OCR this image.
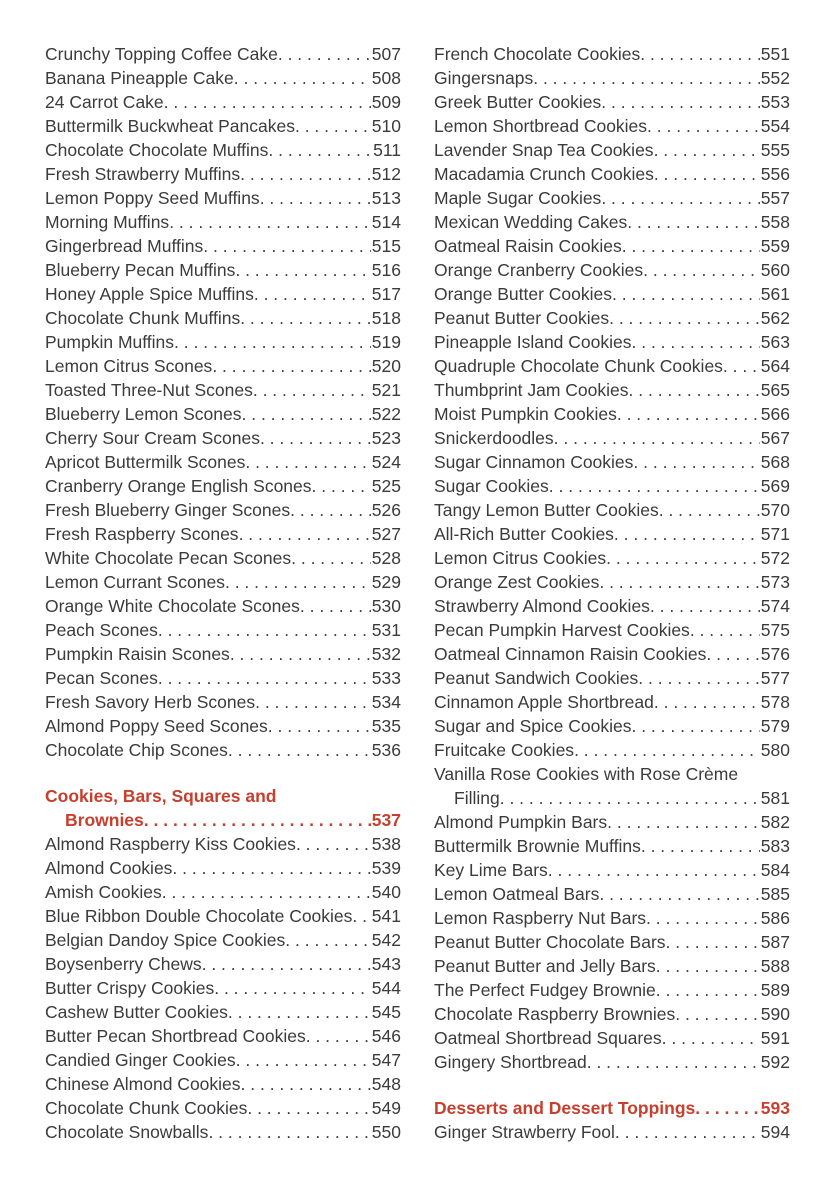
Crunchy Topping Coffee Cake . . .	507
Banana Pineapple Cake . . .	508
24 Carrot Cake . . .	509
Buttermilk Buckwheat Pancakes . . .	510
Chocolate Chocolate Muffins . . .	511
Fresh Strawberry Muffins . . .	512
Lemon Poppy Seed Muffins . . .	513
Morning Muffins . . .	514
Gingerbread Muffins . . .	515
Blueberry Pecan Muffins . . .	516
Honey Apple Spice Muffins . . .	517
Chocolate Chunk Muffins . . .	518
Pumpkin Muffins . . .	519
Lemon Citrus Scones . . .	520
Toasted Three-Nut Scones . . .	521
Blueberry Lemon Scones . . .	522
Cherry Sour Cream Scones . . .	523
Apricot Buttermilk Scones . . .	524
Cranberry Orange English Scones . . .	525
Fresh Blueberry Ginger Scones . . .	526
Fresh Raspberry Scones . . .	527
White Chocolate Pecan Scones . . .	528
Lemon Currant Scones . . .	529
Orange White Chocolate Scones . . .	530
Peach Scones . . .	531
Pumpkin Raisin Scones . . .	532
Pecan Scones . . .	533
Fresh Savory Herb Scones . . .	534
Almond Poppy Seed Scones . . .	535
Chocolate Chip Scones . . .	536
Cookies, Bars, Squares and
Brownies . . .	537
Almond Raspberry Kiss Cookies . . .	538
Almond Cookies . . .	539
Amish Cookies . . .	540
Blue Ribbon Double Chocolate Cookies . . . 541
Belgian Dandoy Spice Cookies . . .	542
Boysenberry Chews . . .	543
Butter Crispy Cookies . . .	544
Cashew Butter Cookies . . .	545
Butter Pecan Shortbread Cookies . . .	546
Candied Ginger Cookies . . .	547
Chinese Almond Cookies . . .	548
Chocolate Chunk Cookies . . .	549
Chocolate Snowballs . . .	550
French Chocolate Cookies . . .	551
Gingersnaps . . .	552
Greek Butter Cookies . . .	553
Lemon Shortbread Cookies . . .	554
Lavender Snap Tea Cookies . . .	555
Macadamia Crunch Cookies . . .	556
Maple Sugar Cookies . . .	557
Mexican Wedding Cakes . . .	558
Oatmeal Raisin Cookies . . .	559
Orange Cranberry Cookies . . .	560
Orange Butter Cookies . . .	561
Peanut Butter Cookies . . .	562
Pineapple Island Cookies . . .	563
Quadruple Chocolate Chunk Cookies . . . 564
Thumbprint Jam Cookies . . .	565
Moist Pumpkin Cookies . . .	566
Snickerdoodles . . .	567
Sugar Cinnamon Cookies . . .	568
Sugar Cookies . . .	569
Tangy Lemon Butter Cookies . . .	570
All-Rich Butter Cookies . . .	571
Lemon Citrus Cookies . . .	572
Orange Zest Cookies . . .	573
Strawberry Almond Cookies . . .	574
Pecan Pumpkin Harvest Cookies . . .	575
Oatmeal Cinnamon Raisin Cookies . . .	576
Peanut Sandwich Cookies . . .	577
Cinnamon Apple Shortbread . . .	578
Sugar and Spice Cookies . . .	579
Fruitcake Cookies . . .	580
Vanilla Rose Cookies with Rose Crème
Filling . . .	581
Almond Pumpkin Bars . . .	582
Buttermilk Brownie Muffins . . .	583
Key Lime Bars . . .	584
Lemon Oatmeal Bars . . .	585
Lemon Raspberry Nut Bars . . .	586
Peanut Butter Chocolate Bars . . .	587
Peanut Butter and Jelly Bars . . .	588
The Perfect Fudgey Brownie . . .	589
Chocolate Raspberry Brownies . . .	590
Oatmeal Shortbread Squares . . .	591
Gingery Shortbread . . .	592
Desserts and Dessert Toppings . . .	593
Ginger Strawberry Fool . . .	594
